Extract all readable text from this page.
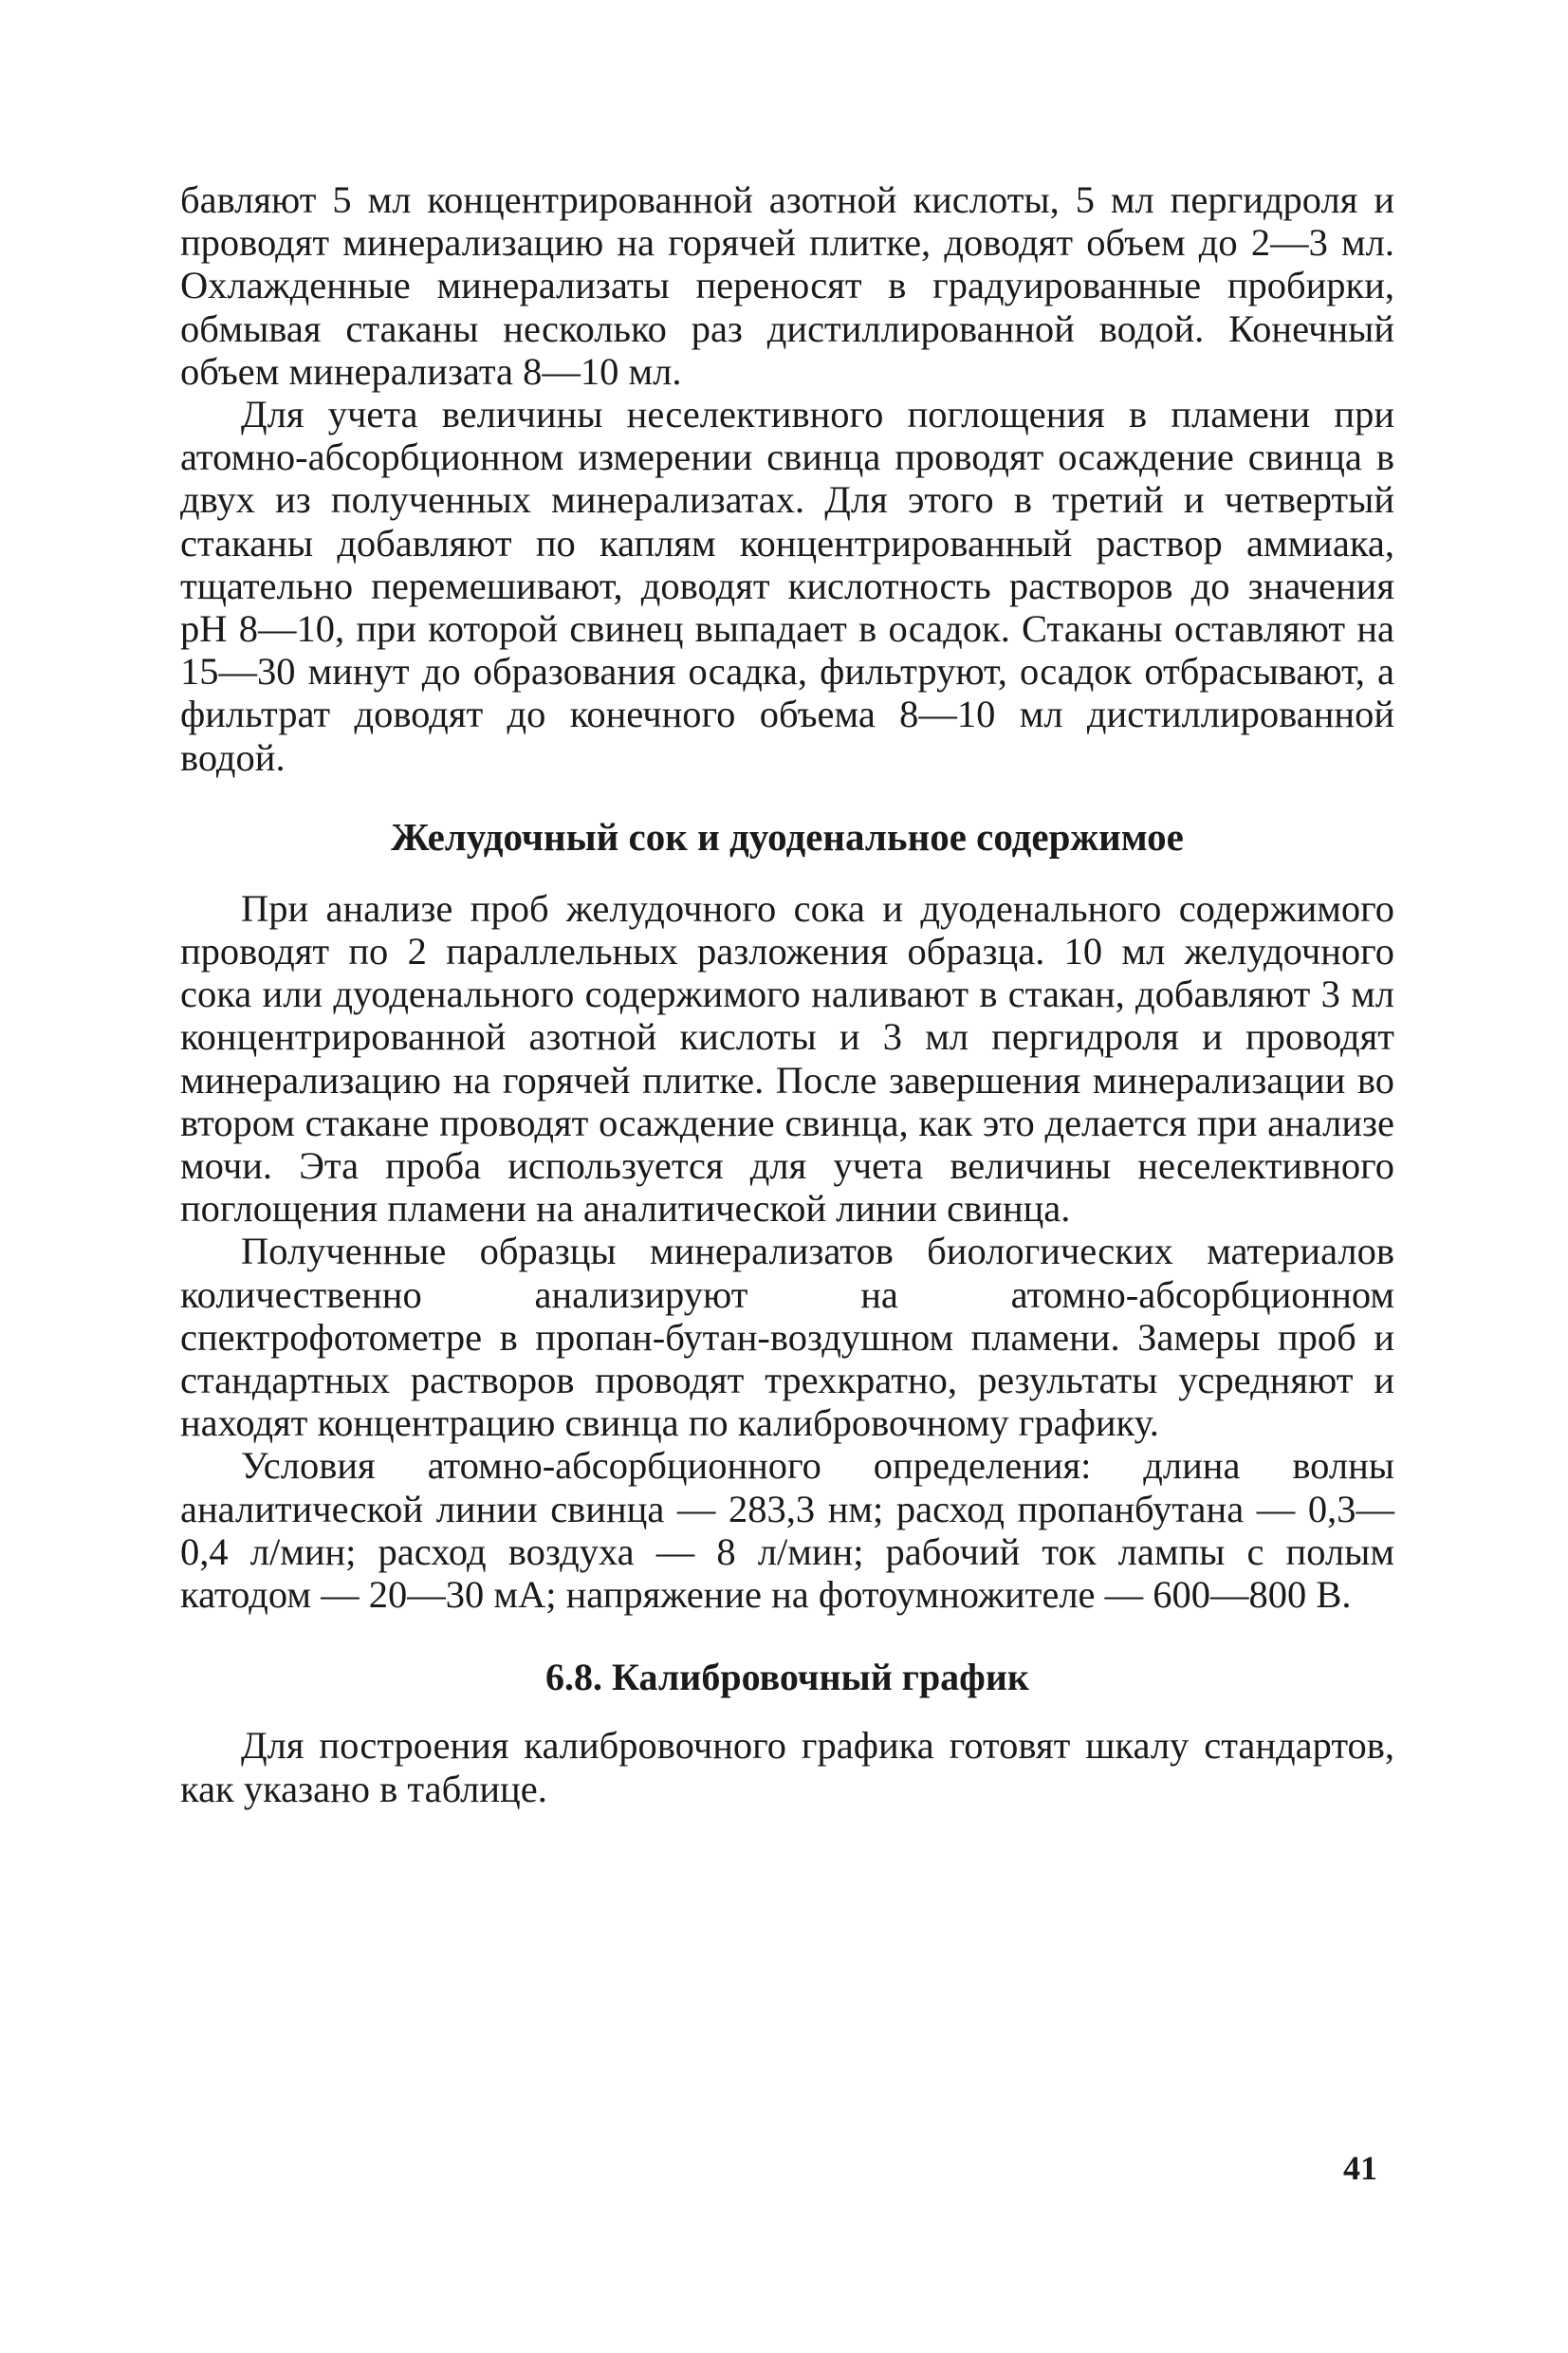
бавляют 5 мл концентрированной азотной кислоты, 5 мл пергидроля и проводят минерализацию на горячей плитке, доводят объем до 2—3 мл. Охлажденные минерализаты переносят в градуированные пробирки, обмывая стаканы несколько раз дистиллированной водой. Конечный объем минерализата 8—10 мл.

Для учета величины неселективного поглощения в пламени при атомно-абсорбционном измерении свинца проводят осаждение свинца в двух из полученных минерализатах. Для этого в третий и четвертый стаканы добавляют по каплям концентрированный раствор аммиака, тщательно перемешивают, доводят кислотность растворов до значения pH 8—10, при которой свинец выпадает в осадок. Стаканы оставляют на 15—30 минут до образования осадка, фильтруют, осадок отбрасывают, а фильтрат доводят до конечного объема 8—10 мл дистиллированной водой.

Желудочный сок и дуоденальное содержимое

При анализе проб желудочного сока и дуоденального содержимого проводят по 2 параллельных разложения образца. 10 мл желудочного сока или дуоденального содержимого наливают в стакан, добавляют 3 мл концентрированной азотной кислоты и 3 мл пергидроля и проводят минерализацию на горячей плитке. После завершения минерализации во втором стакане проводят осаждение свинца, как это делается при анализе мочи. Эта проба используется для учета величины неселективного поглощения пламени на аналитической линии свинца.

Полученные образцы минерализатов биологических материалов количественно анализируют на атомно-абсорбционном спектрофотометре в пропан-бутан-воздушном пламени. Замеры проб и стандартных растворов проводят трехкратно, результаты усредняют и находят концентрацию свинца по калибровочному графику.

Условия атомно-абсорбционного определения: длина волны аналитической линии свинца — 283,3 нм; расход пропанбутана — 0,3—0,4 л/мин; расход воздуха — 8 л/мин; рабочий ток лампы с полым катодом — 20—30 мА; напряжение на фотоумножителе — 600—800 В.

6.8. Калибровочный график

Для построения калибровочного графика готовят шкалу стандартов, как указано в таблице.

41
